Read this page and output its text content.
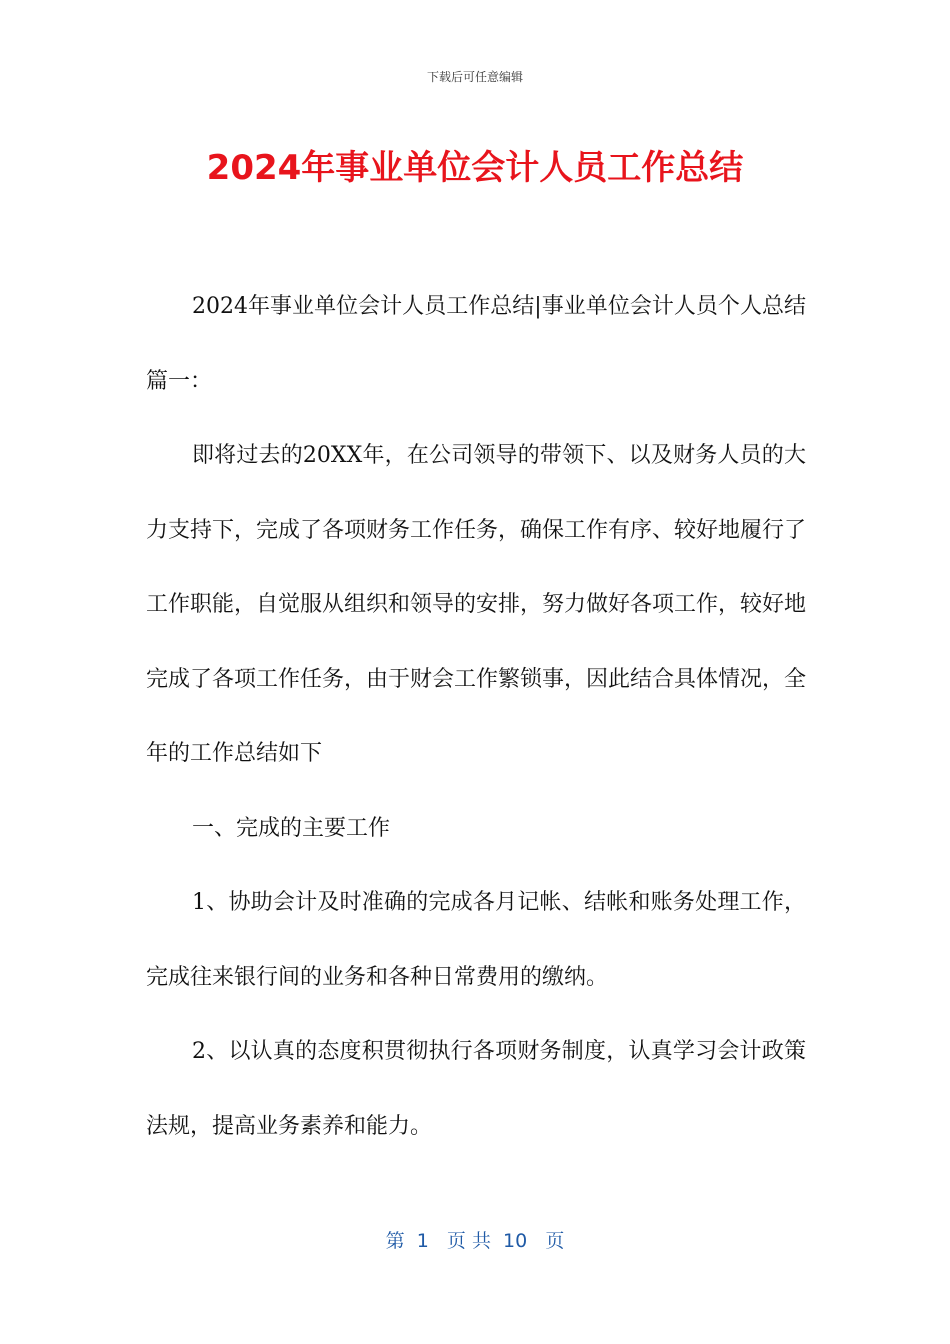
下载后可任意编辑
2024年事业单位会计人员工作总结

2024年事业单位会计人员工作总结|事业单位会计人员个人总结篇一：

即将过去的20XX年，在公司领导的带领下、以及财务人员的大力支持下，完成了各项财务工作任务，确保工作有序、较好地履行了工作职能，自觉服从组织和领导的安排，努力做好各项工作，较好地完成了各项工作任务，由于财会工作繁锁事，因此结合具体情况，全年的工作总结如下

一、完成的主要工作

1、协助会计及时准确的完成各月记帐、结帐和账务处理工作，完成往来银行间的业务和各种日常费用的缴纳。

2、以认真的态度积贯彻执行各项财务制度，认真学习会计政策法规，提高业务素养和能力。

第  1   页 共  10   页
